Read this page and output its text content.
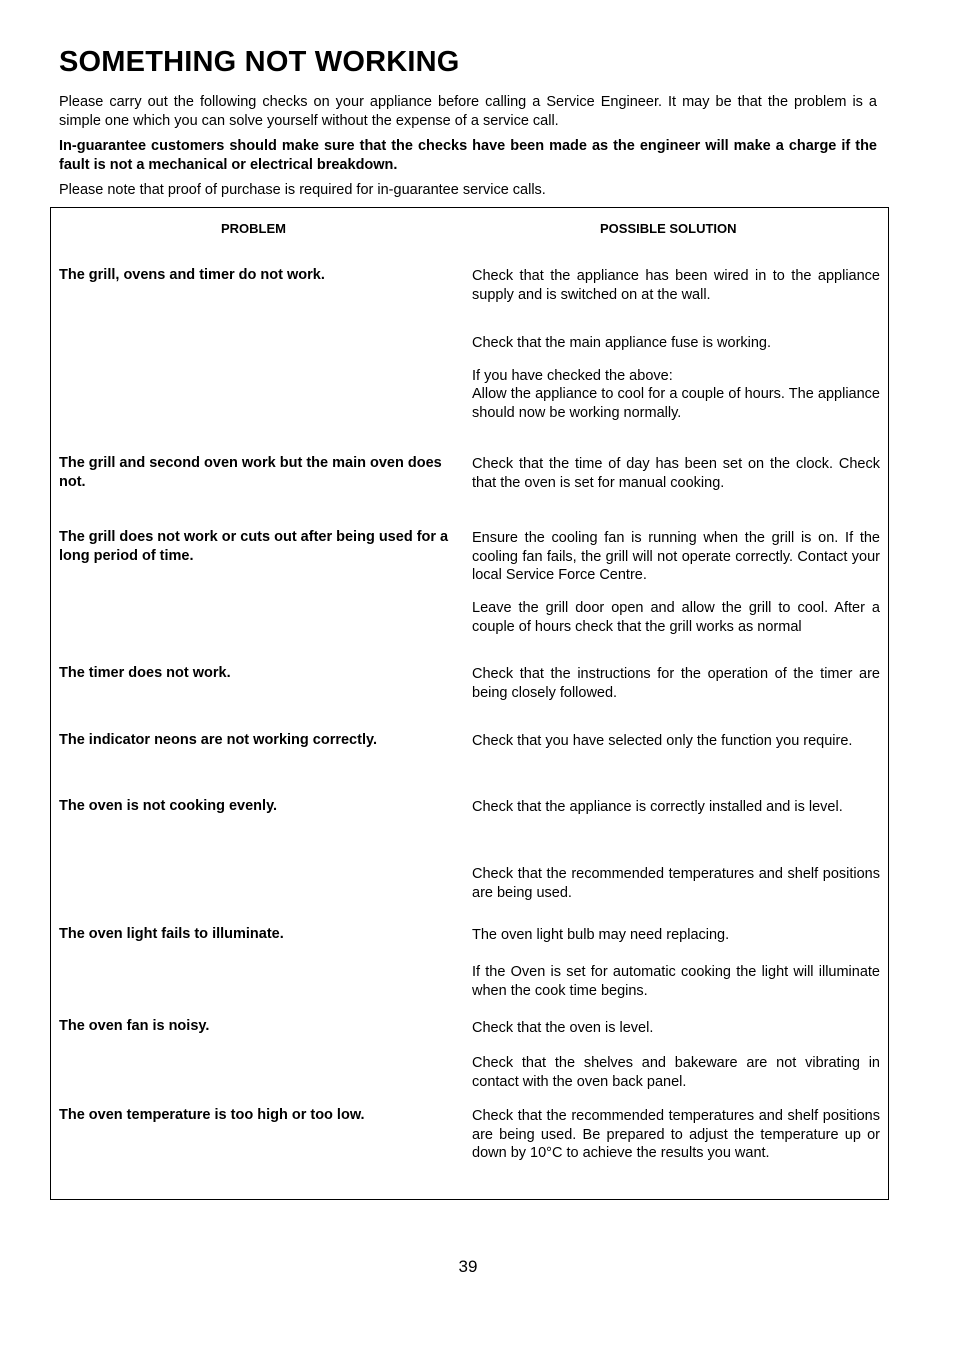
SOMETHING NOT WORKING
Please carry out the following checks on your appliance before calling a Service Engineer. It may be that the problem is a simple one which you can solve yourself without the expense of a service call.
In-guarantee customers should make sure that the checks have been made as the engineer will make a charge if the fault is not a mechanical or electrical breakdown.
Please note that proof of purchase is required for in-guarantee service calls.
PROBLEM	POSSIBLE SOLUTION
The grill, ovens and timer do not work.
The grill and second oven work but the main oven does not.
The grill does not work or cuts out after being used for a long period of time.
The timer does not work.
The indicator neons are not working correctly.
The oven is not cooking evenly.
The oven light fails to illuminate.
The oven fan is noisy.
The oven temperature is too high or too low.
Check that the appliance has been wired in to the appliance supply and is switched on at the wall.
Check that the main appliance fuse is working.
If you have checked the above:
Allow the appliance to cool for a couple of hours. The appliance should now be working normally.
Check that the time of day has been set on the clock. Check that the oven is set for manual cooking.
Ensure the cooling fan is running when the grill is on. If the cooling fan fails, the grill will not operate correctly. Contact your local Service Force Centre.
Leave the grill door open and allow the grill to cool. After a couple of hours check that the grill works as normal
Check that the instructions for the operation of the timer are being closely followed.
Check that you have selected only the function you require.
Check that the appliance is correctly installed and is level.
Check that the recommended temperatures and shelf positions are being used.
The oven light bulb may need replacing.
If the Oven is set for automatic cooking the light will illuminate when the cook time begins.
Check that the oven is level.
Check that the shelves and bakeware are not vibrating in contact with the oven back panel.
Check that the recommended temperatures and shelf positions are being used. Be prepared to adjust the temperature up or down by 10°C to achieve the results you want.
39
